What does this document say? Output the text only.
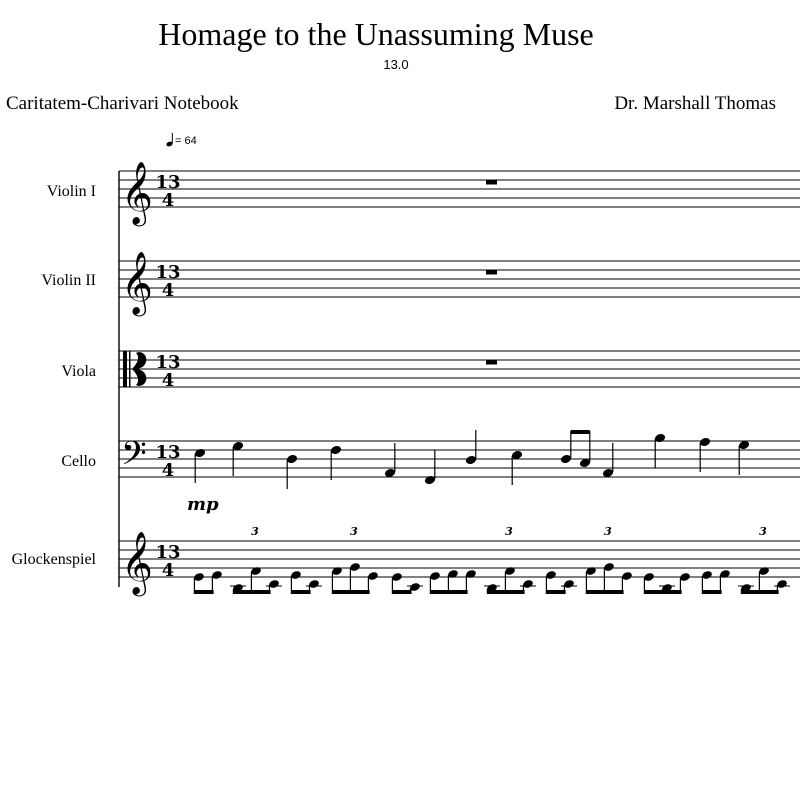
Homage to the Unassuming Muse
13.0
Caritatem-Charivari Notebook	Dr. Marshall Thomas
= 64
Violin I
Violin II
Viola
Cello
Glockenspiel
𝄞 13
4
𝄞 13
4
13
4
𝄢 13
4
𝄞 13
4
mp
3	3	3	3	3
